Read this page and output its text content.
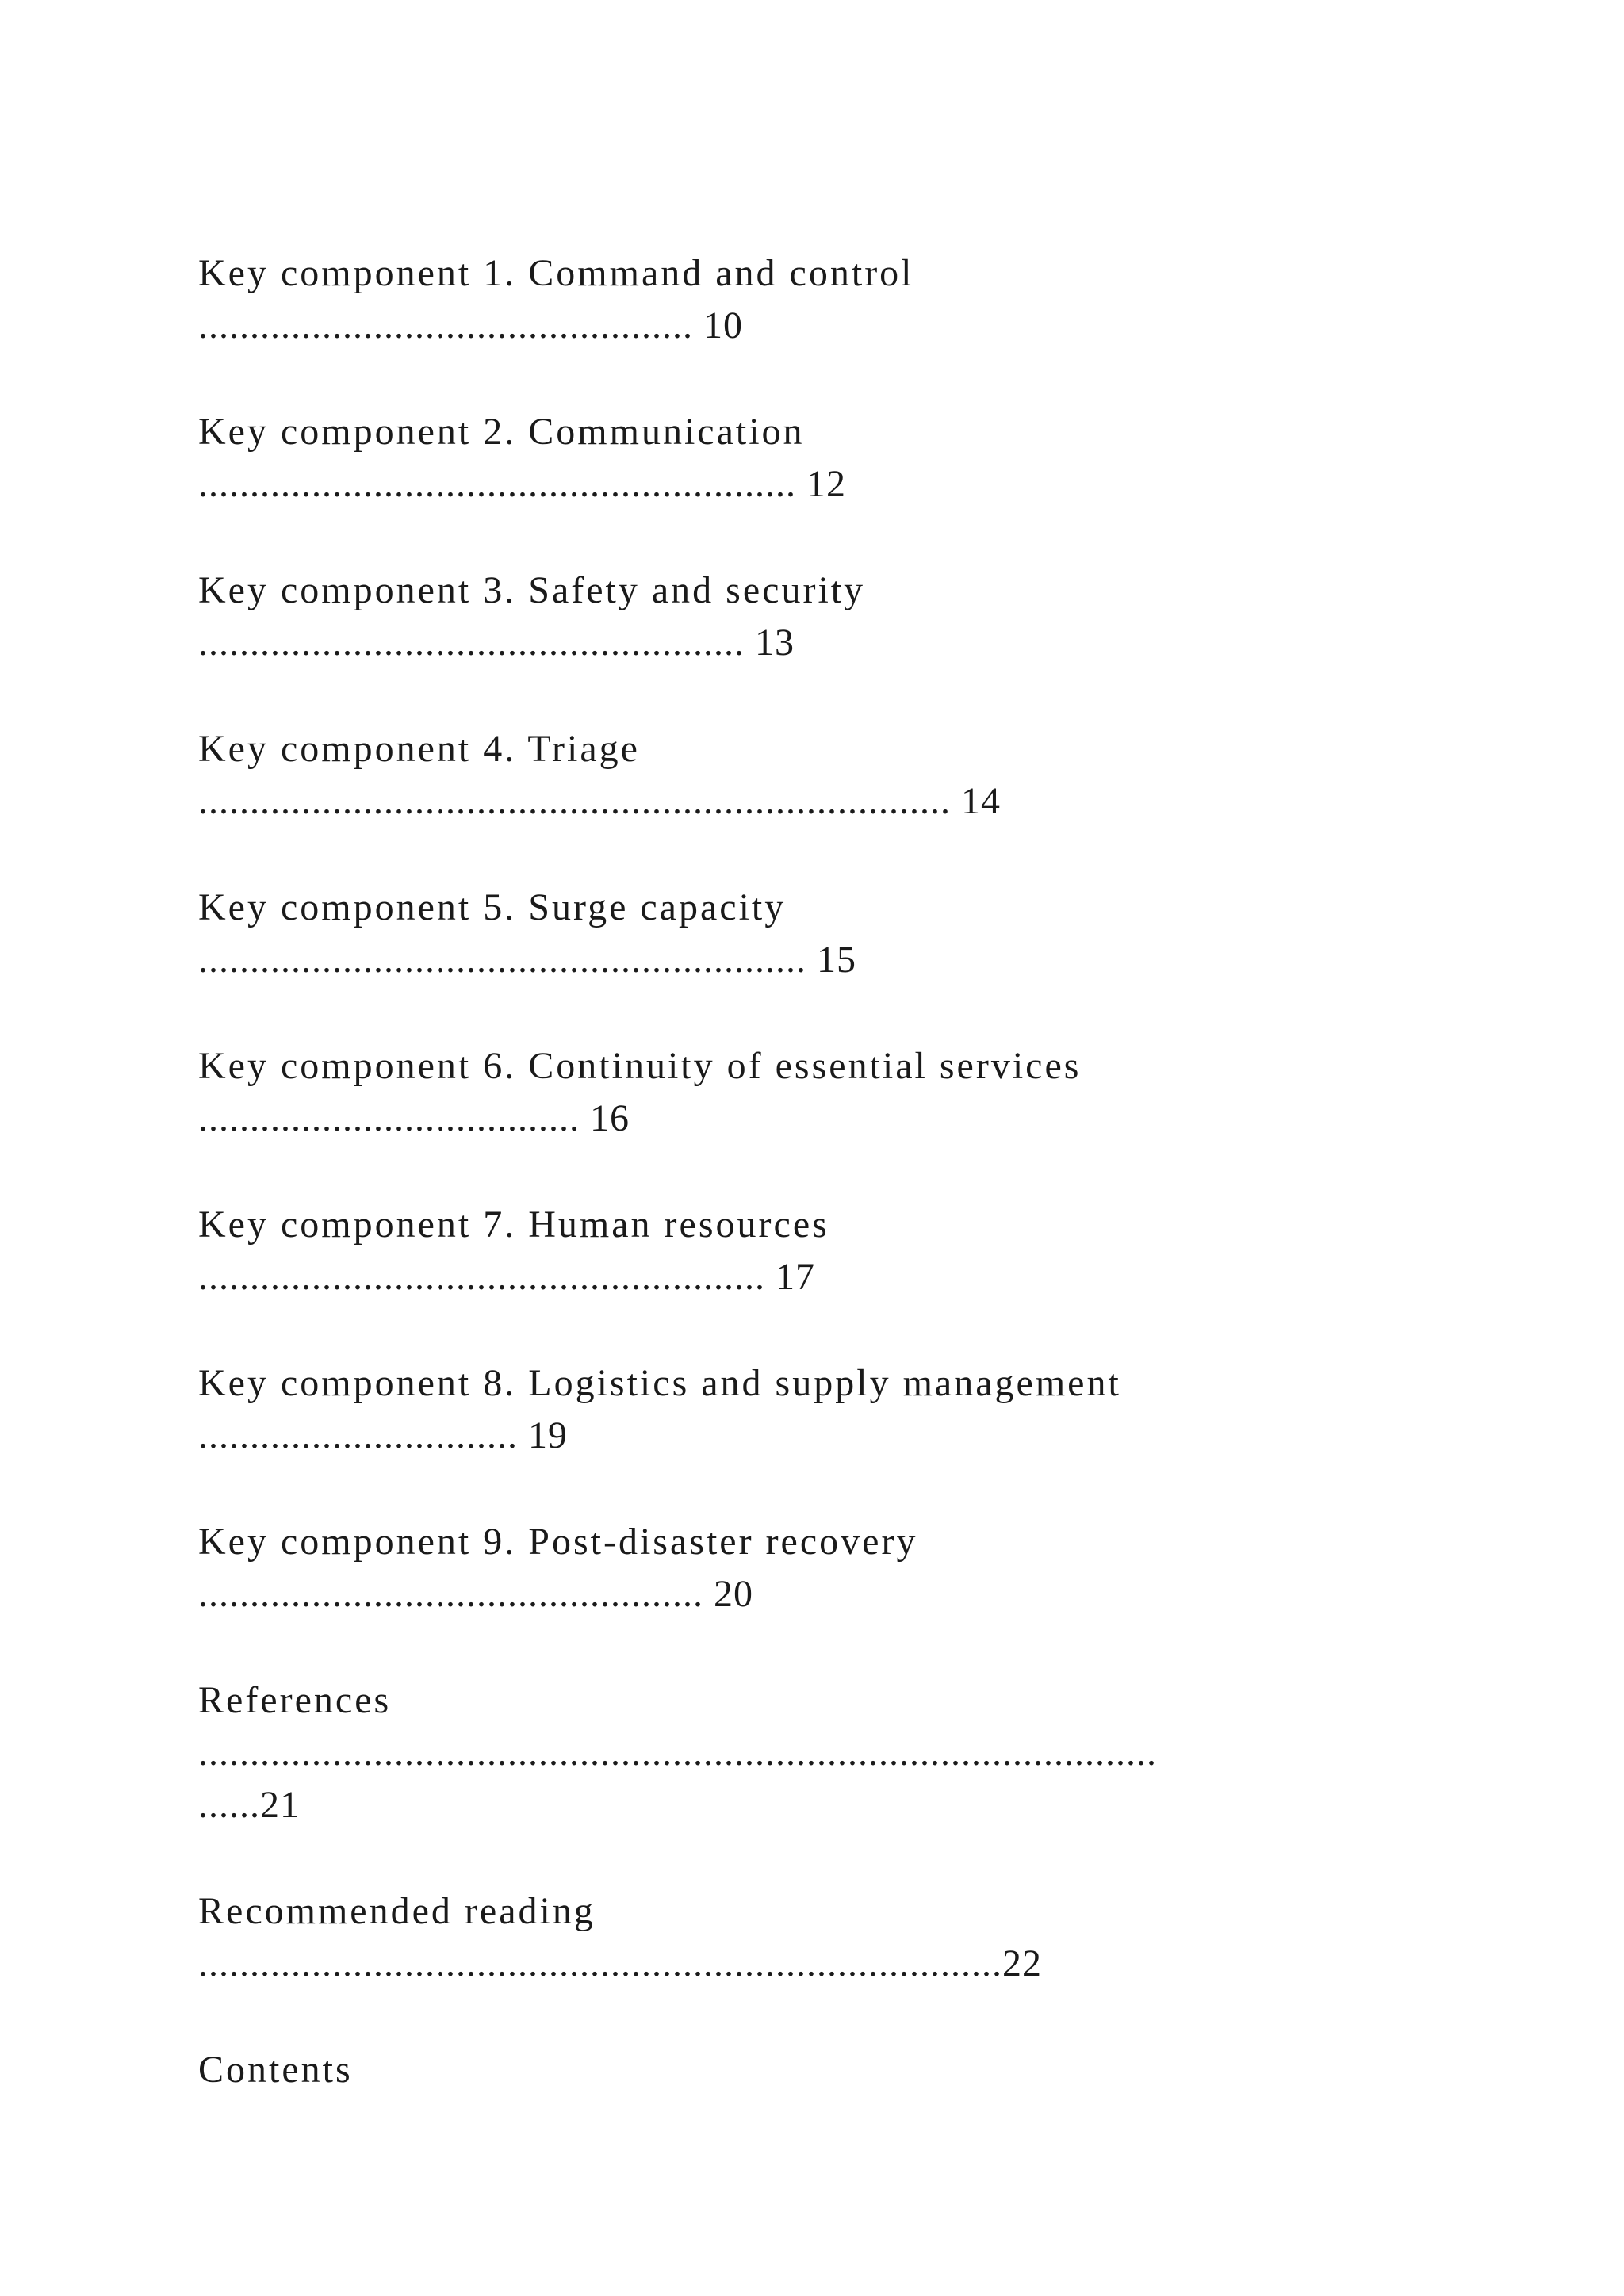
Key component 1. Command and control
................................................ 10
Key component 2. Communication
.......................................................... 12
Key component 3. Safety and security
..................................................... 13
Key component 4. Triage
......................................................................... 14
Key component 5. Surge capacity
........................................................... 15
Key component 6. Continuity of essential services
..................................... 16
Key component 7. Human resources
....................................................... 17
Key component 8. Logistics and supply management
............................... 19
Key component 9. Post-disaster recovery
................................................. 20
References
.............................................................................................
......21
Recommended reading
..............................................................................22
Contents
